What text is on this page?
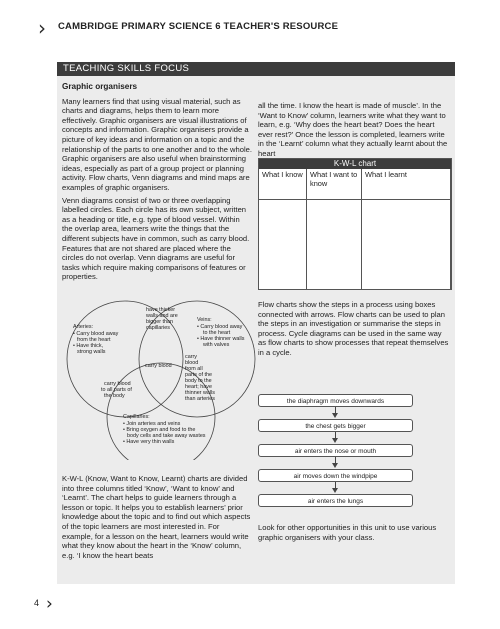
› CAMBRIDGE PRIMARY SCIENCE 6 TEACHER'S RESOURCE
TEACHING SKILLS FOCUS

Graphic organisers

Many learners find that using visual material, such as charts and diagrams, helps them to learn more effectively. Graphic organisers are visual illustrations of concepts and information. Graphic organisers provide a picture of key ideas and information on a topic and the relationship of the parts to one another and to the whole. Graphic organisers are also useful when brainstorming ideas, especially as part of a group project or planning activity. Flow charts, Venn diagrams and mind maps are examples of graphic organisers.

Venn diagrams consist of two or three overlapping labelled circles. Each circle has its own subject, written as a heading or title, e.g. type of blood vessel. Within the overlap area, learners write the things that the different subjects have in common, such as carry blood. Features that are not shared are placed where the circles do not overlap. Venn diagrams are useful for tasks which require making comparisons of features or properties.

Arteries:
• Carry blood away
from the heart
• Have thick,
strong walls
have thicker
walls and are
bigger than
capillaries
Veins:
• Carry blood away
to the heart
• Have thinner walls
with valves
carry blood
carry blood
to all parts of
the body
carry
blood
from all
parts of the
body to the
heart; have
thinner walls
than arteries
Capillaries:
• Join arteries and veins
• Bring oxygen and food to the
body cells and take away wastes
• Have very thin walls

K-W-L (Know, Want to Know, Learnt) charts are divided into three columns titled ‘Know’, ‘Want to know’ and ‘Learnt’. The chart helps to guide learners through a lesson or topic. It helps you to establish learners’ prior knowledge about the topic and to find out which aspects of the topic learners are most interested in. For example, for a lesson on the heart, learners would write what they know about the heart in the ‘Know’ column, e.g. ‘I know the heart beats

all the time. I know the heart is made of muscle’. In the ‘Want to Know’ column, learners write what they want to learn, e.g. ‘Why does the heart beat? Does the heart ever rest?’ Once the lesson is completed, learners write in the ‘Learnt’ column what they actually learnt about the heart

K-W-L chart
What I know What I want to know
What I learnt

Flow charts show the steps in a process using boxes connected with arrows. Flow charts can be used to plan the steps in an investigation or summarise the steps in process. Cycle diagrams can be used in the same way as flow charts to show processes that repeat themselves in a cycle.

the diaphragm moves downwards
the chest gets bigger
air enters the nose or mouth
air moves down the windpipe
air enters the lungs

Look for other opportunities in this unit to use various graphic organisers with your class.

4 ›
